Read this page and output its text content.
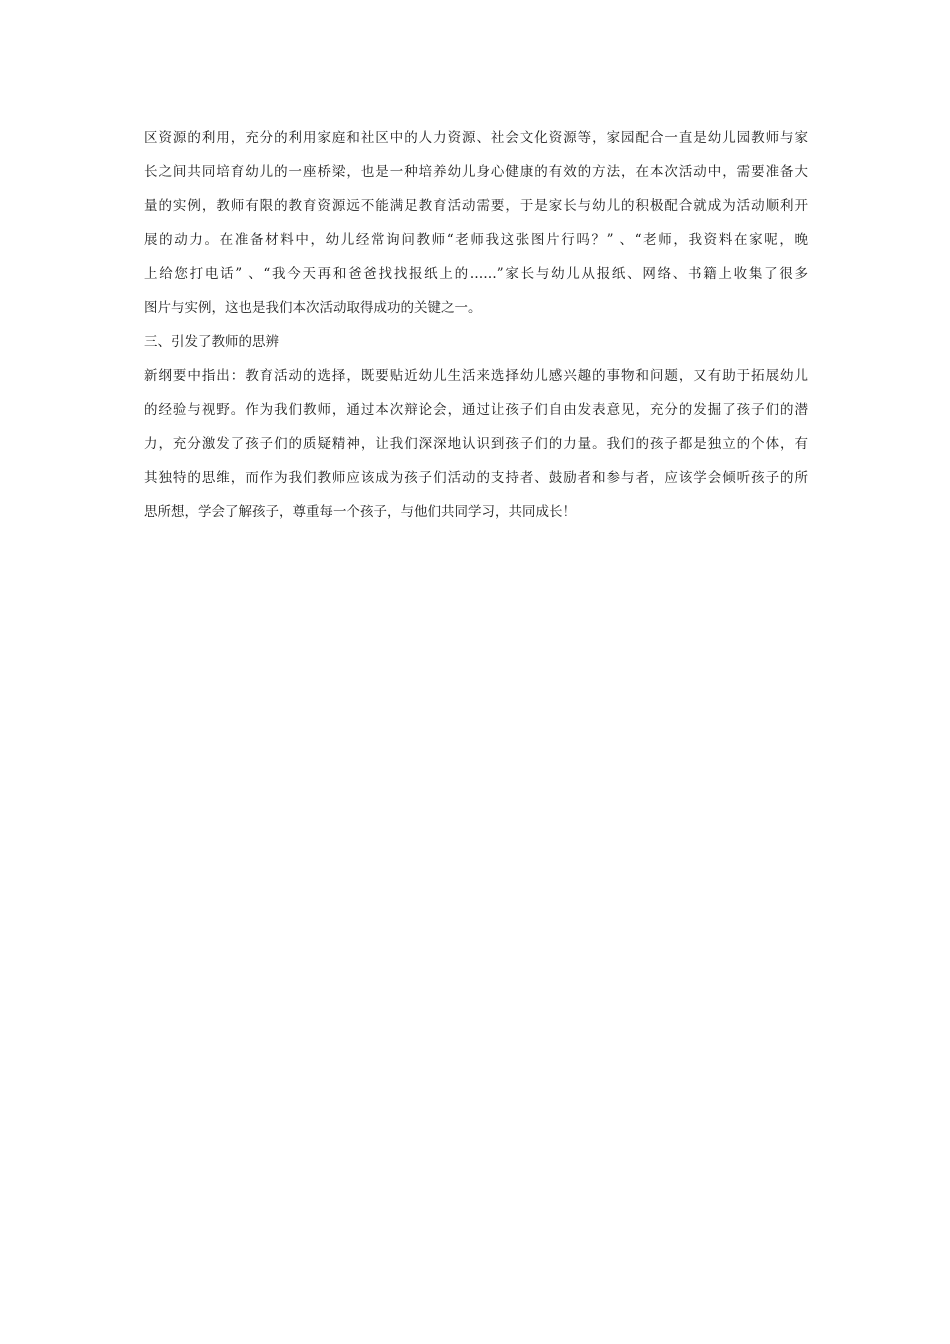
区资源的利用，充分的利用家庭和社区中的人力资源、社会文化资源等，家园配合一直是幼儿园教师与家
长之间共同培育幼儿的一座桥梁，也是一种培养幼儿身心健康的有效的方法，在本次活动中，需要准备大
量的实例，教师有限的教育资源远不能满足教育活动需要，于是家长与幼儿的积极配合就成为活动顺利开
展的动力。在准备材料中，幼儿经常询问教师“老师我这张图片行吗？” 、“老师，我资料在家呢，晚
上给您打电话” 、“我今天再和爸爸找找报纸上的……”家长与幼儿从报纸、网络、书籍上收集了很多
图片与实例，这也是我们本次活动取得成功的关键之一。
三、引发了教师的思辨
新纲要中指出：教育活动的选择，既要贴近幼儿生活来选择幼儿感兴趣的事物和问题，又有助于拓展幼儿
的经验与视野。作为我们教师，通过本次辩论会，通过让孩子们自由发表意见，充分的发掘了孩子们的潜
力，充分激发了孩子们的质疑精神，让我们深深地认识到孩子们的力量。我们的孩子都是独立的个体，有
其独特的思维，而作为我们教师应该成为孩子们活动的支持者、鼓励者和参与者，应该学会倾听孩子的所
思所想，学会了解孩子，尊重每一个孩子，与他们共同学习，共同成长！
